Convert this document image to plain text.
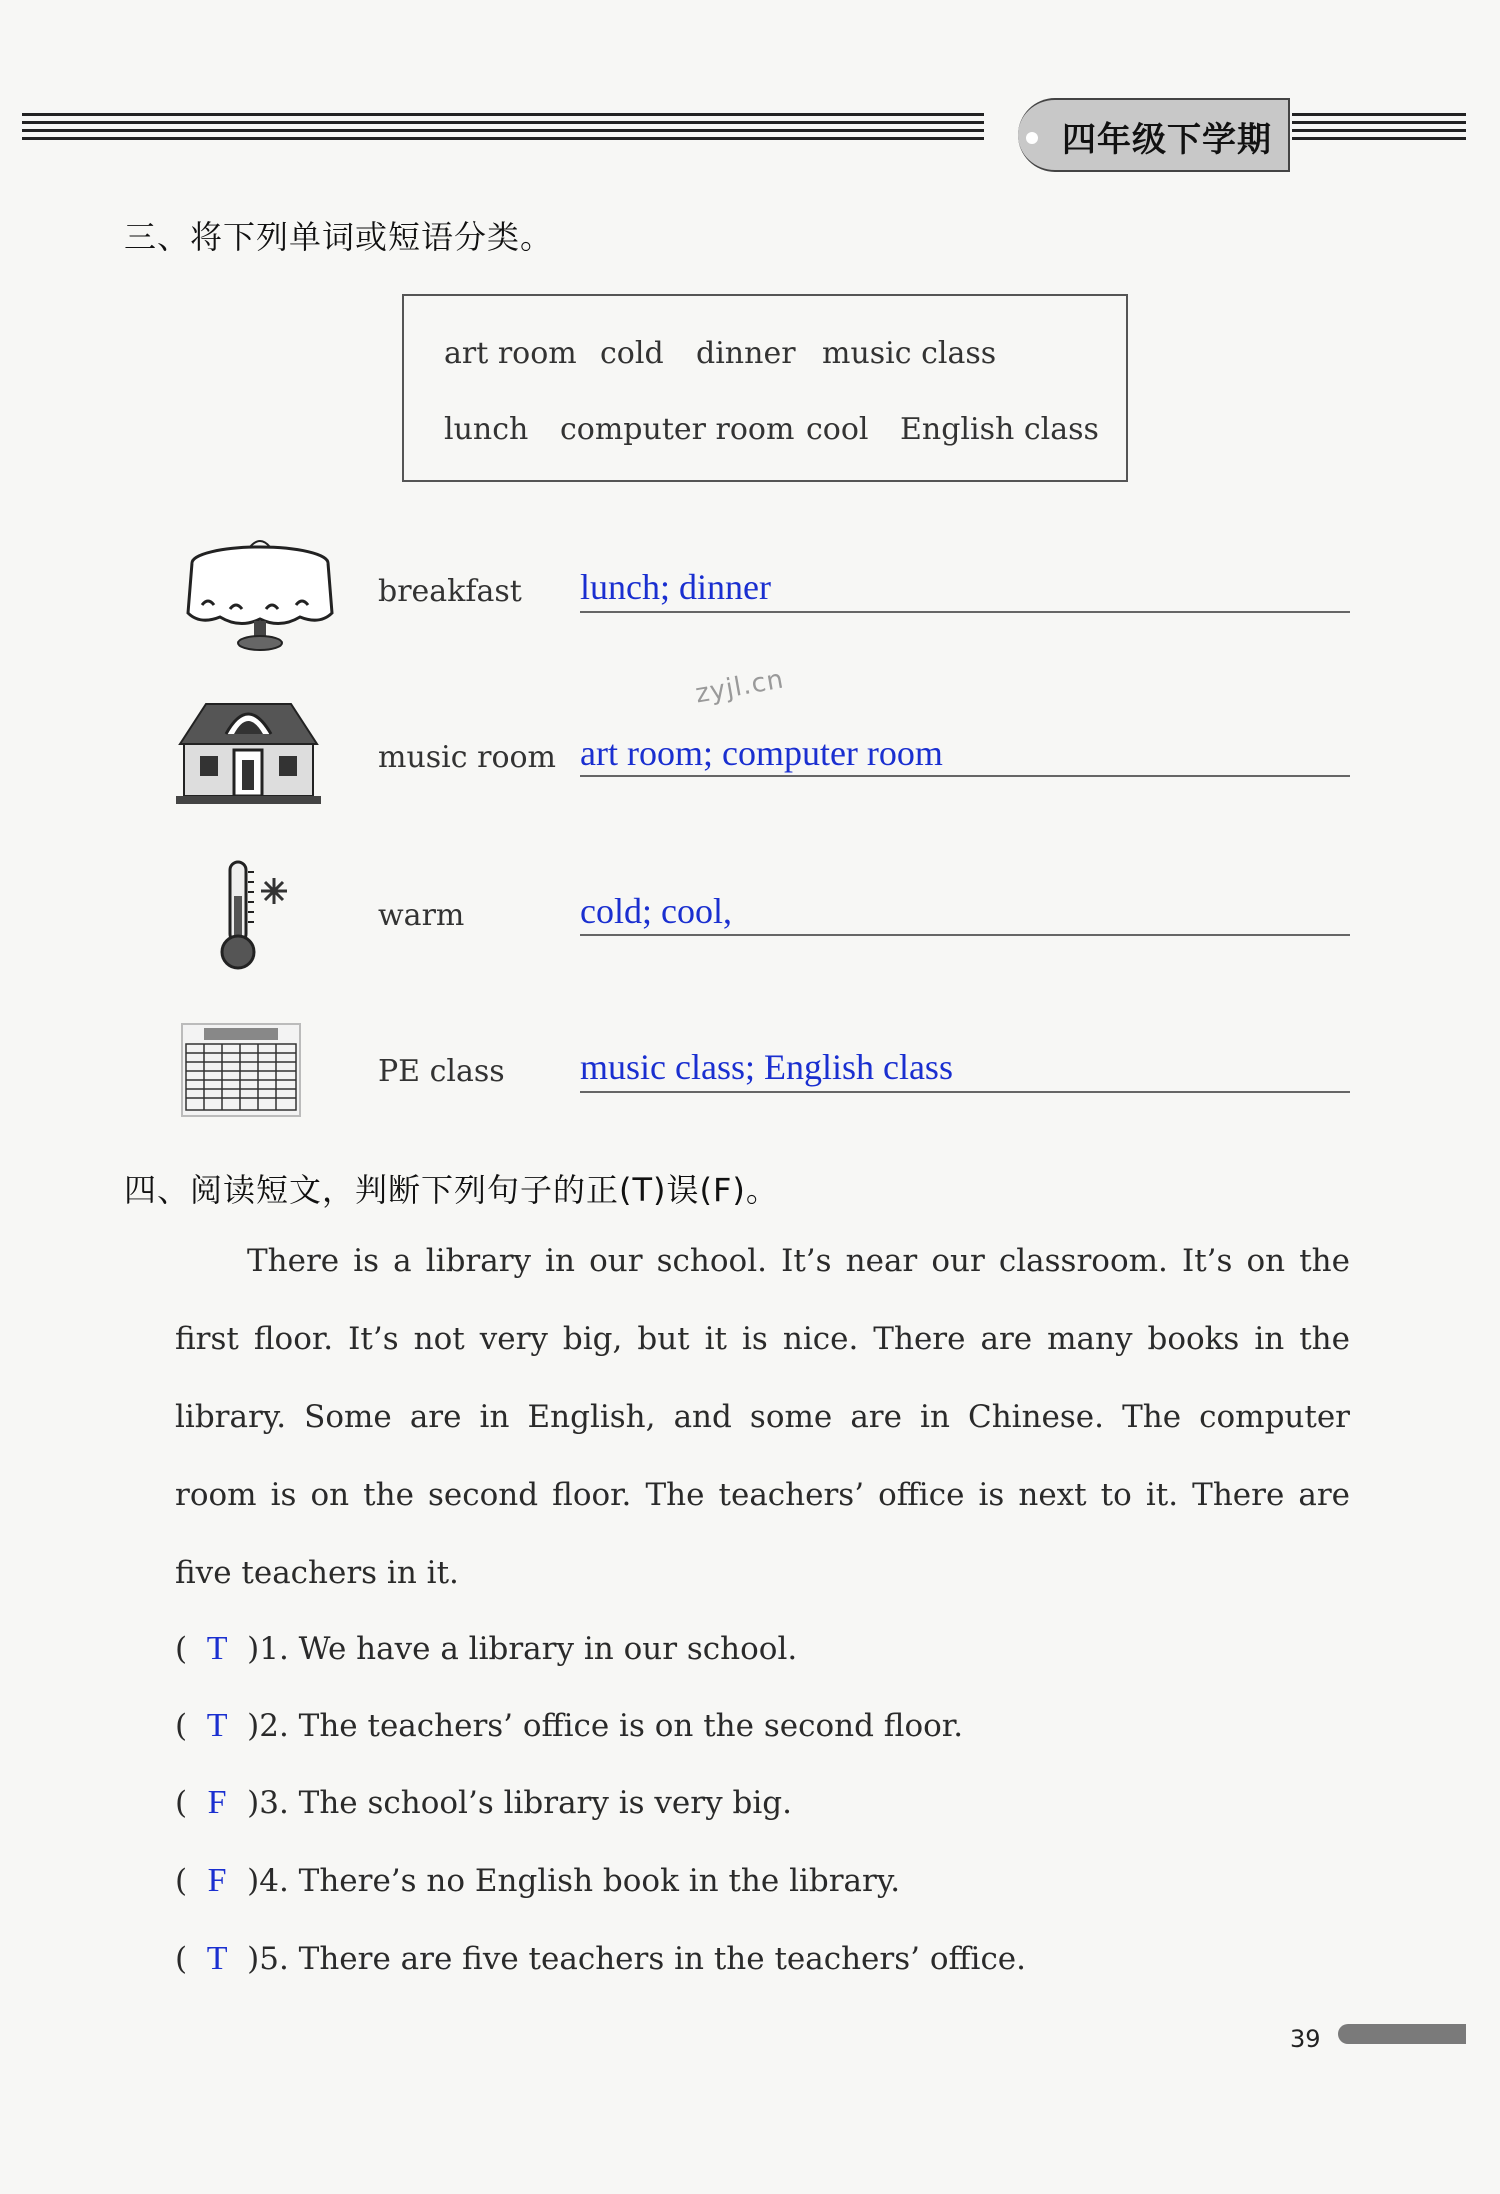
四年级下学期
三、将下列单词或短语分类。
art room cold dinner music class
lunch computer room cool English class
breakfast lunch; dinner
zyjl.cn
music room art room; computer room
warm	cold; cool,
PE class music class; English class
四、阅读短文，判断下列句子的正(T)误(F)。

There is a library in our school. It’s near our classroom. It’s on the first floor. It’s not very big, but it is nice. There are many books in the library. Some are in English, and some are in Chinese. The computer room is on the second floor. The teachers’ office is next to it. There are five teachers in it.

( T )1. We have a library in our school.
( T )2. The teachers’ office is on the second floor.
( F )3. The school’s library is very big.
( F )4. There’s no English book in the library.
( T )5. There are five teachers in the teachers’ office.
39
